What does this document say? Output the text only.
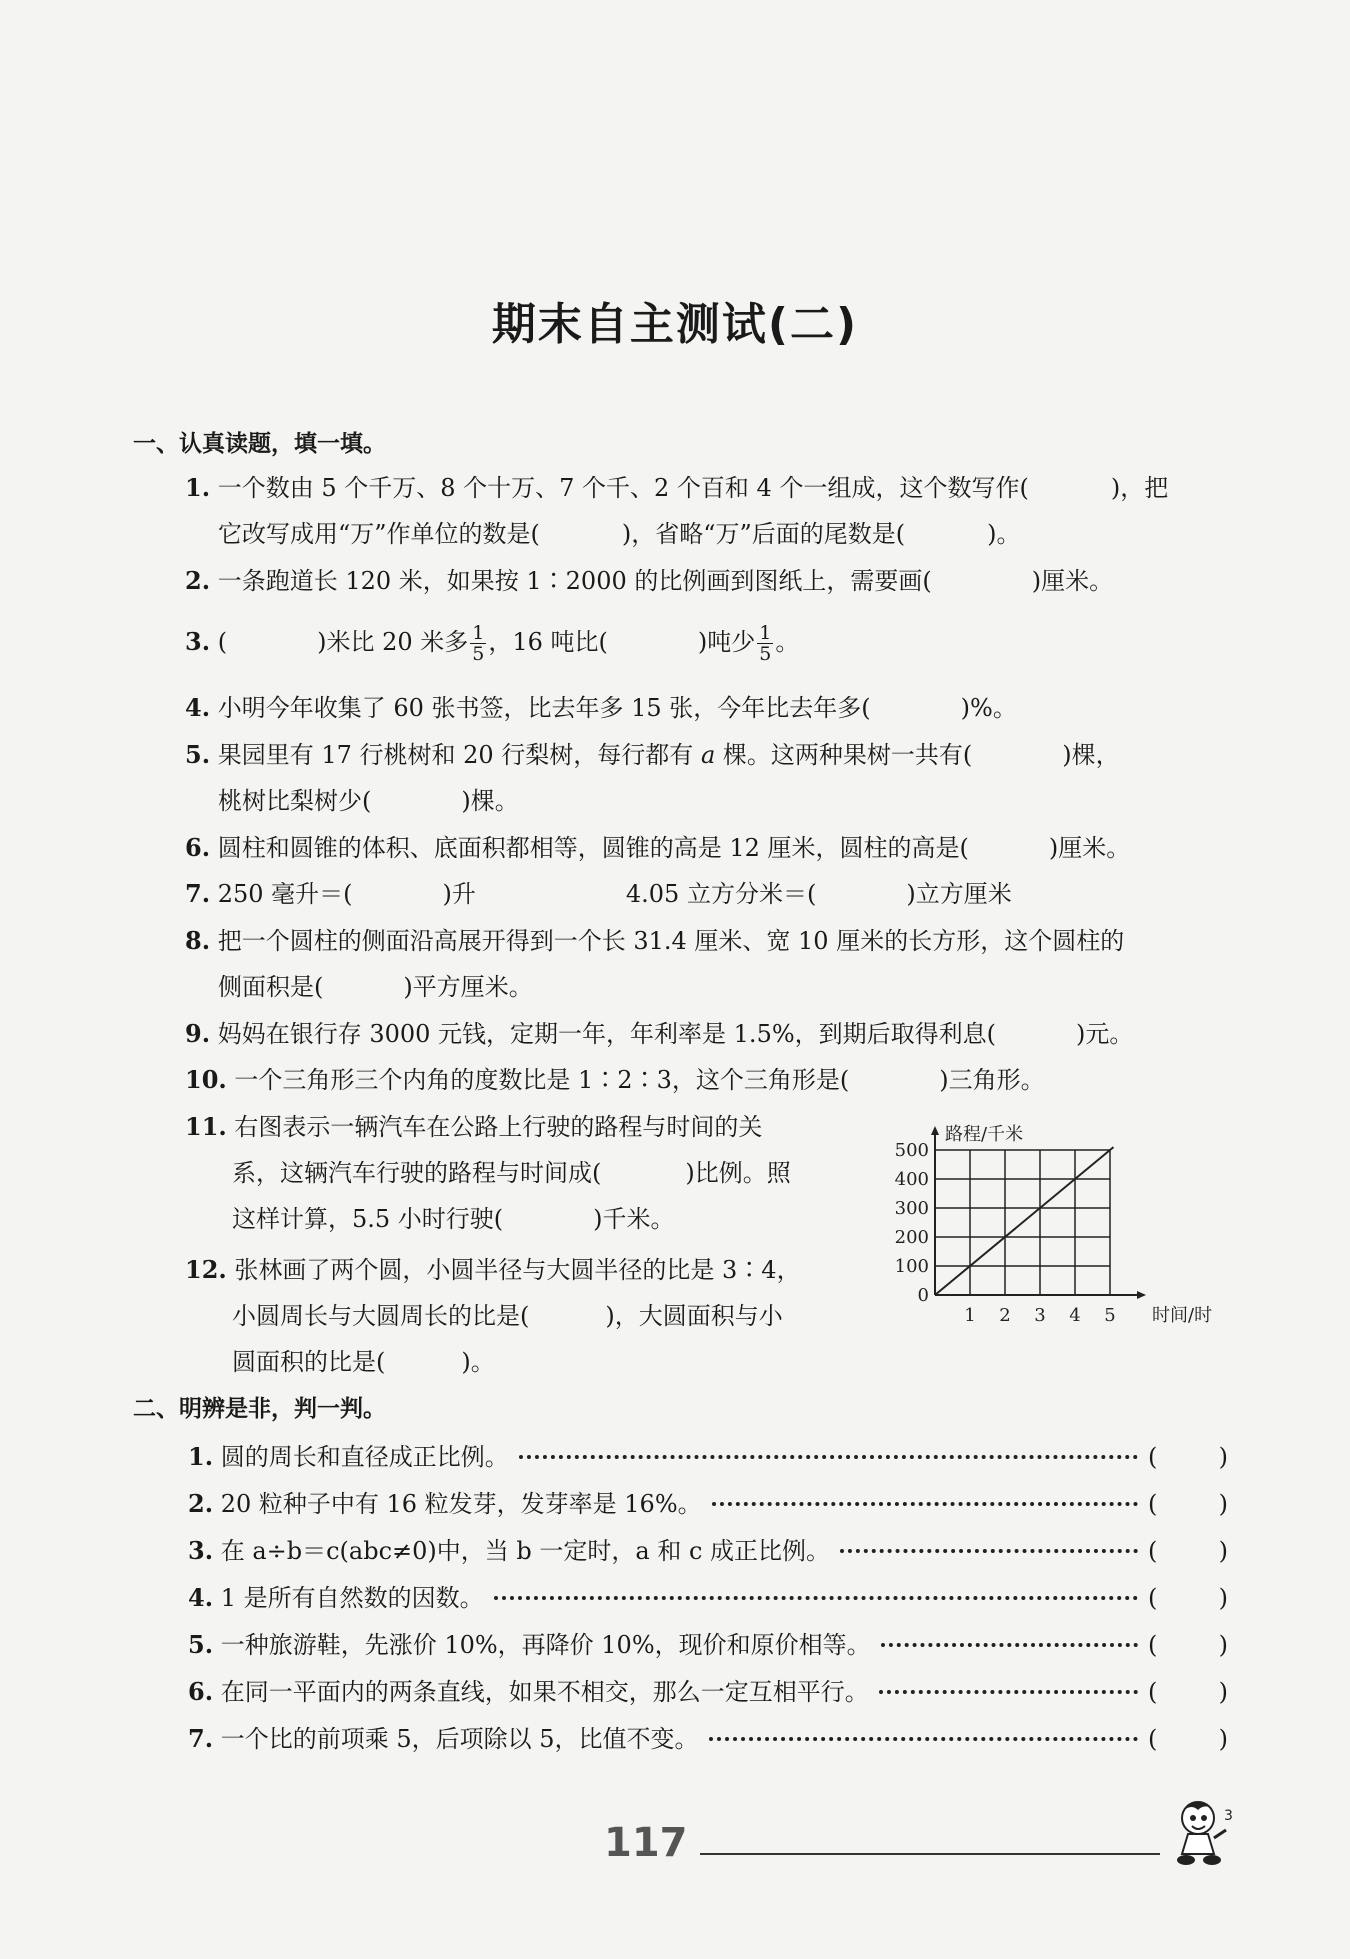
期末自主测试(二)
一、认真读题，填一填。
1. 一个数由 5 个千万、8 个十万、7 个千、2 个百和 4 个一组成，这个数写作(	)，把
它改写成用“万”作单位的数是(	)，省略“万”后面的尾数是(	)。
2. 一条跑道长 120 米，如果按 1∶2000 的比例画到图纸上，需要画(	)厘米。
3. (	)米比 20 米多 $\frac{1}{5}$ ，16 吨比(	)吨少 $\frac{1}{5}$ 。
4. 小明今年收集了 60 张书签，比去年多 15 张，今年比去年多(	)%。
5. 果园里有 17 行桃树和 20 行梨树，每行都有 a 棵。这两种果树一共有(	)棵，
桃树比梨树少(	)棵。
6. 圆柱和圆锥的体积、底面积都相等，圆锥的高是 12 厘米，圆柱的高是(	)厘米。
7. 250 毫升＝(	)升	4.05 立方分米＝(	)立方厘米
8. 把一个圆柱的侧面沿高展开得到一个长 31.4 厘米、宽 10 厘米的长方形，这个圆柱的
侧面积是(	)平方厘米。
9. 妈妈在银行存 3000 元钱，定期一年，年利率是 1.5%，到期后取得利息(	)元。
10. 一个三角形三个内角的度数比是 1∶2∶3，这个三角形是(	)三角形。
11. 右图表示一辆汽车在公路上行驶的路程与时间的关
系，这辆汽车行驶的路程与时间成(	)比例。照
这样计算，5.5 小时行驶(	)千米。
12. 张林画了两个圆，小圆半径与大圆半径的比是 3∶4，
小圆周长与大圆周长的比是(	)，大圆面积与小
圆面积的比是(	)。
1 2 3 4 5
0
100
200
300
400
500
路程/千米
时间/时
二、明辨是非，判一判。
1. 圆的周长和直径成正比例。	(	)
2. 20 粒种子中有 16 粒发芽，发芽率是 16%。	(	)
3. 在 a÷b＝c(abc≠0)中，当 b 一定时，a 和 c 成正比例。	(	)
4. 1 是所有自然数的因数。	(	)
5. 一种旅游鞋，先涨价 10%，再降价 10%，现价和原价相等。	(	)
6. 在同一平面内的两条直线，如果不相交，那么一定互相平行。	(	)
7. 一个比的前项乘 5，后项除以 5，比值不变。	(	)
117
3
